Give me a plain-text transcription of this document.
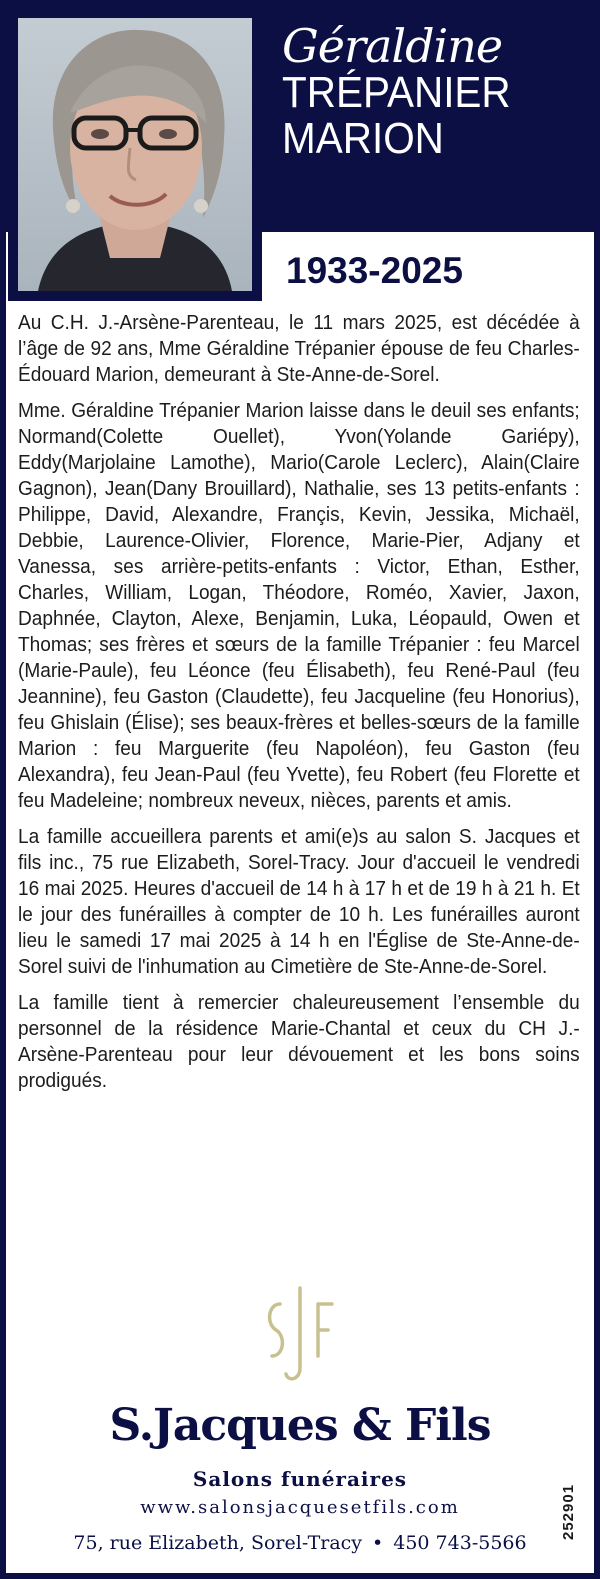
Géraldine
TRÉPANIER
MARION
1933-2025

Au C.H. J.-Arsène-Parenteau, le 11 mars 2025, est décédée à l’âge de 92 ans, Mme Géraldine Trépanier épouse de feu Charles-Édouard Marion, demeurant à Ste-Anne-de-Sorel.

Mme. Géraldine Trépanier Marion laisse dans le deuil ses enfants; Normand(Colette Ouellet), Yvon(Yolande Gariépy), Eddy(Marjolaine Lamothe), Mario(Carole Leclerc), Alain(Claire Gagnon), Jean(Dany Brouillard), Nathalie, ses 13 petits-enfants : Philippe, David, Alexandre, Françis, Kevin, Jessika, Michaël, Debbie, Laurence-Olivier, Florence, Marie-Pier, Adjany et Vanessa, ses arrière-petits-enfants : Victor, Ethan, Esther, Charles, William, Logan, Théodore, Roméo, Xavier, Jaxon, Daphnée, Clayton, Alexe, Benjamin, Luka, Léopauld, Owen et Thomas; ses frères et sœurs de la famille Trépanier : feu Marcel (Marie-Paule), feu Léonce (feu Élisabeth), feu René-Paul (feu Jeannine), feu Gaston (Claudette), feu Jacqueline (feu Honorius), feu Ghislain (Élise); ses beaux-frères et belles-sœurs de la famille Marion : feu Marguerite (feu Napoléon), feu Gaston (feu Alexandra), feu Jean-Paul (feu Yvette), feu Robert (feu Florette et feu Madeleine; nombreux neveux, nièces, parents et amis.

La famille accueillera parents et ami(e)s au salon S. Jacques et fils inc., 75 rue Elizabeth, Sorel-Tracy. Jour d'accueil le vendredi 16 mai 2025. Heures d'accueil de 14 h à 17 h et de 19 h à 21 h. Et le jour des funérailles à compter de 10 h. Les funérailles auront lieu le samedi 17 mai 2025 à 14 h en l'Église de Ste-Anne-de-Sorel suivi de l'inhumation au Cimetière de Ste-Anne-de-Sorel.

La famille tient à remercier chaleureusement l’ensemble du personnel de la résidence Marie-Chantal et ceux du CH J.-Arsène-Parenteau pour leur dévouement et les bons soins prodigués.

S.Jacques & Fils
Salons funéraires
www.salonsjacquesetfils.com
75, rue Elizabeth, Sorel-Tracy • 450 743-5566
252901
